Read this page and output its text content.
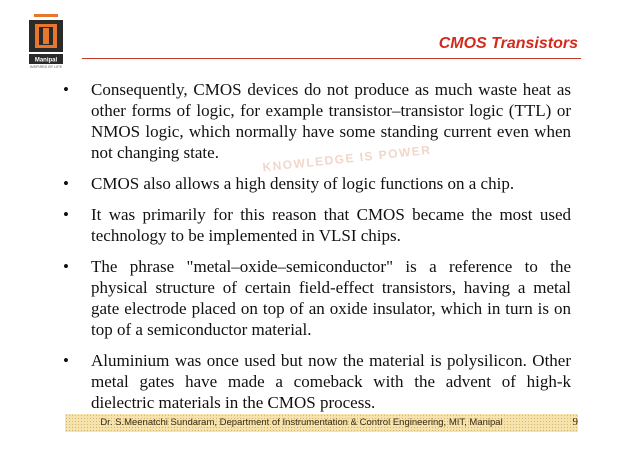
Manipal
INSPIRED BY LIFE
CMOS Transistors
KNOWLEDGE IS POWER
• Consequently, CMOS devices do not produce as much waste heat as other forms of logic, for example transistor–transistor logic (TTL) or NMOS logic, which normally have some standing current even when not changing state.
• CMOS also allows a high density of logic functions on a chip.
• It was primarily for this reason that CMOS became the most used technology to be implemented in VLSI chips.
• The phrase "metal–oxide–semiconductor" is a reference to the physical structure of certain field-effect transistors, having a metal gate electrode placed on top of an oxide insulator, which in turn is on top of a semiconductor material.
• Aluminium was once used but now the material is polysilicon. Other metal gates have made a comeback with the advent of high-k dielectric materials in the CMOS process.
Dr. S.Meenatchi Sundaram, Department of Instrumentation & Control Engineering, MIT, Manipal	9
